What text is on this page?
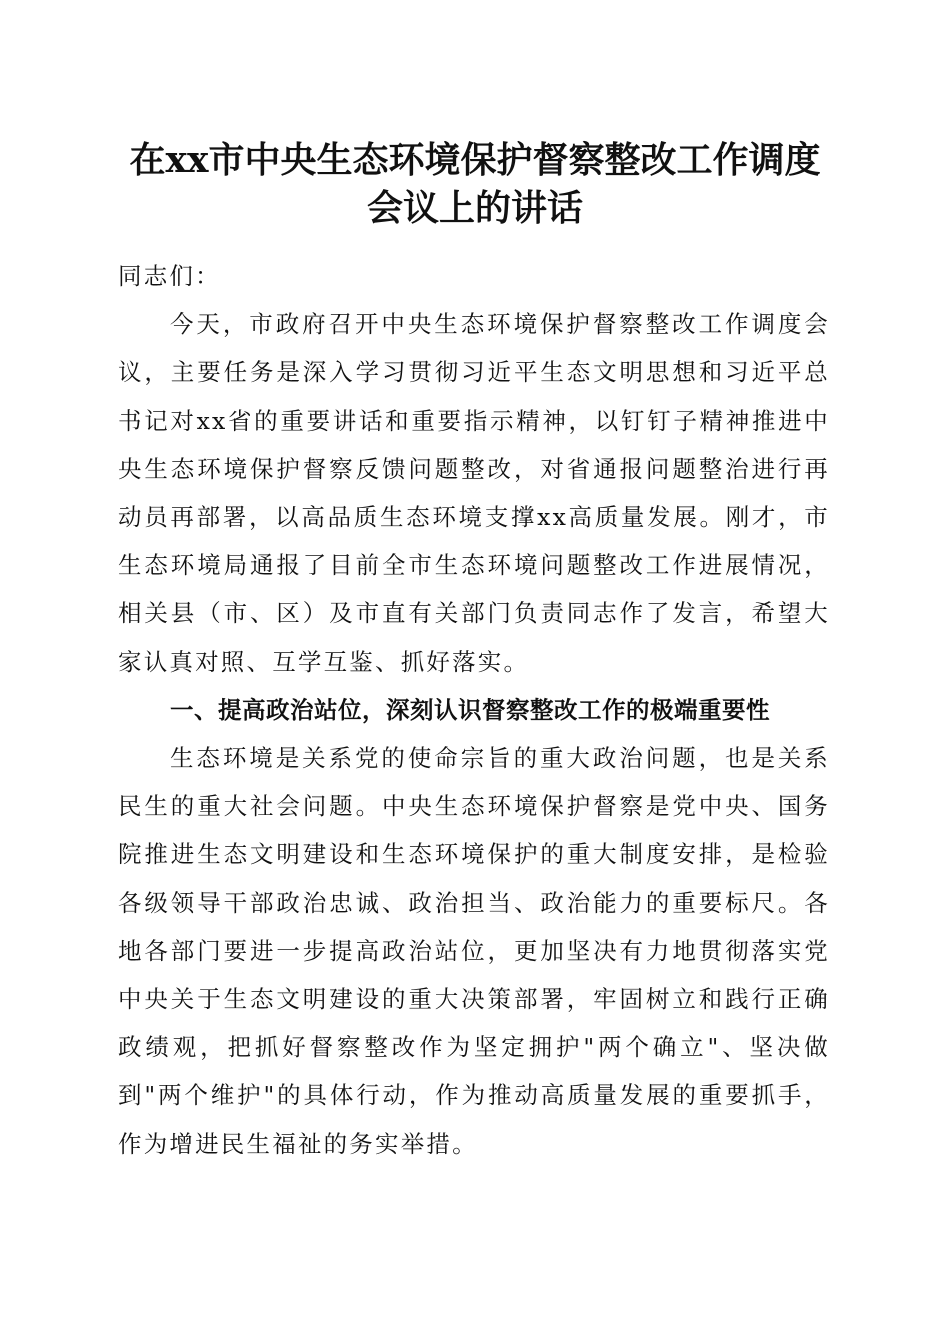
在xx市中央生态环境保护督察整改工作调度
会议上的讲话

同志们：

今天，市政府召开中央生态环境保护督察整改工作调度会议，主要任务是深入学习贯彻习近平生态文明思想和习近平总书记对xx省的重要讲话和重要指示精神，以钉钉子精神推进中央生态环境保护督察反馈问题整改，对省通报问题整治进行再动员再部署，以高品质生态环境支撑xx高质量发展。刚才，市生态环境局通报了目前全市生态环境问题整改工作进展情况，相关县（市、区）及市直有关部门负责同志作了发言，希望大家认真对照、互学互鉴、抓好落实。

一、提高政治站位，深刻认识督察整改工作的极端重要性

生态环境是关系党的使命宗旨的重大政治问题，也是关系民生的重大社会问题。中央生态环境保护督察是党中央、国务院推进生态文明建设和生态环境保护的重大制度安排，是检验各级领导干部政治忠诚、政治担当、政治能力的重要标尺。各地各部门要进一步提高政治站位，更加坚决有力地贯彻落实党中央关于生态文明建设的重大决策部署，牢固树立和践行正确政绩观，把抓好督察整改作为坚定拥护"两个确立"、坚决做到"两个维护"的具体行动，作为推动高质量发展的重要抓手，作为增进民生福祉的务实举措。
